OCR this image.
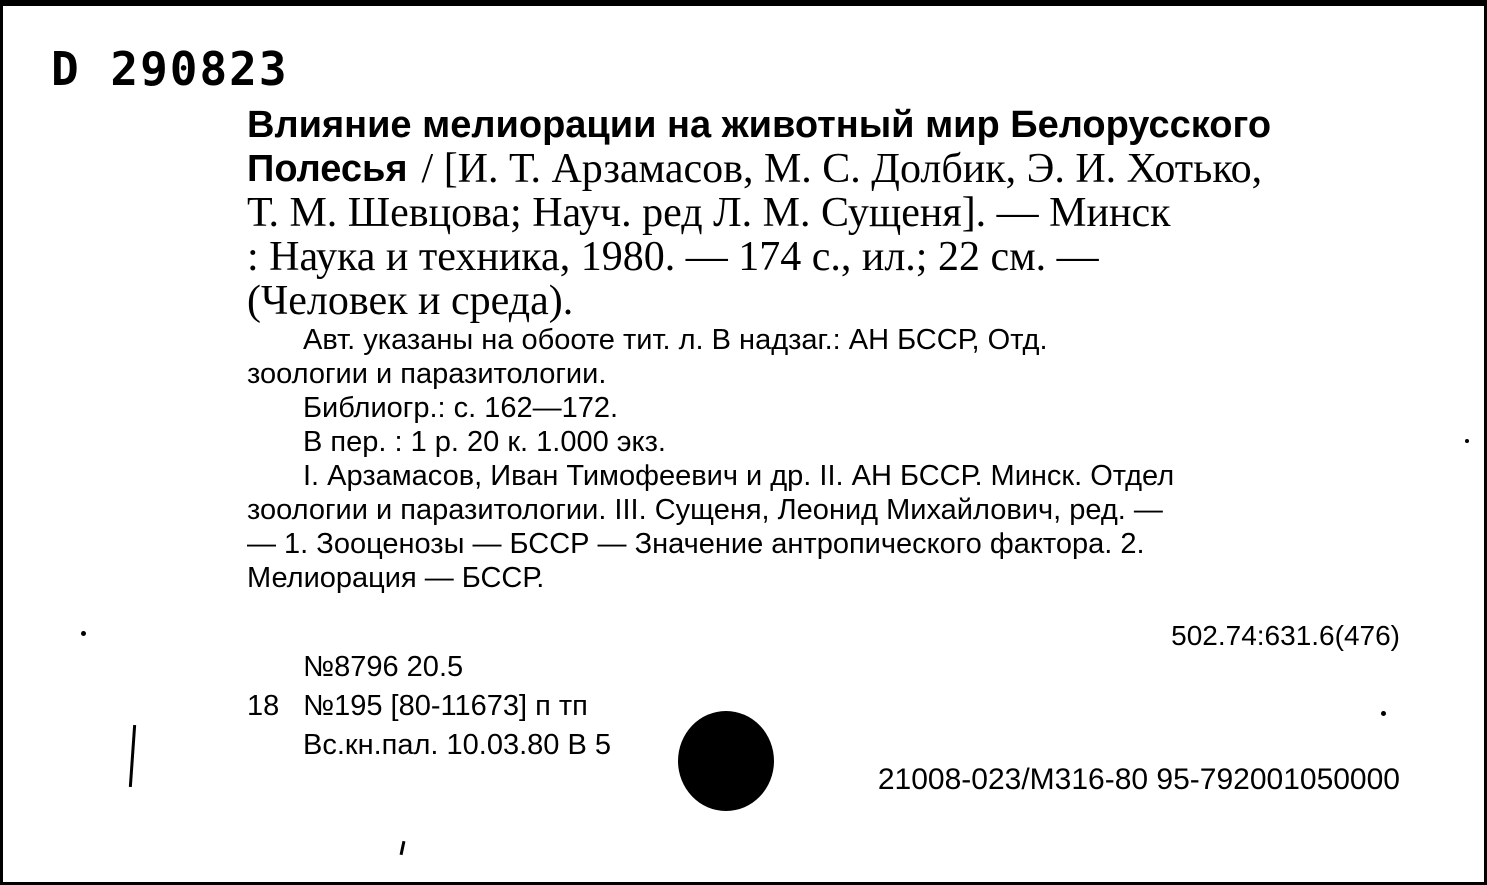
D 290823
Влияние мелиорации на животный мир Белорусского
Полесья / [И. Т. Арзамасов, М. С. Долбик, Э. И. Хотько,
Т. М. Шевцова; Науч. ред Л. М. Сущеня]. — Минск
: Наука и техника, 1980. — 174 с., ил.; 22 см. —
(Человек и среда).
Авт. указаны на обооте тит. л. В надзаг.: АН БССР, Отд.
зоологии и паразитологии.
Библиогр.: с. 162—172.
В пер. : 1 р. 20 к. 1.000 экз.
I. Арзамасов, Иван Тимофеевич и др. II. АН БССР. Минск. Отдел
зоологии и паразитологии. III. Сущеня, Леонид Михайлович, ред. —
— 1. Зооценозы — БССР — Значение антропического фактора. 2.
Мелиорация — БССР.
502.74:631.6(476)
№8796 20.5
18 №195 [80-11673] п тп
Вс.кн.пал. 10.03.80 В 5
21008-023/М316-80 95-792001050000
